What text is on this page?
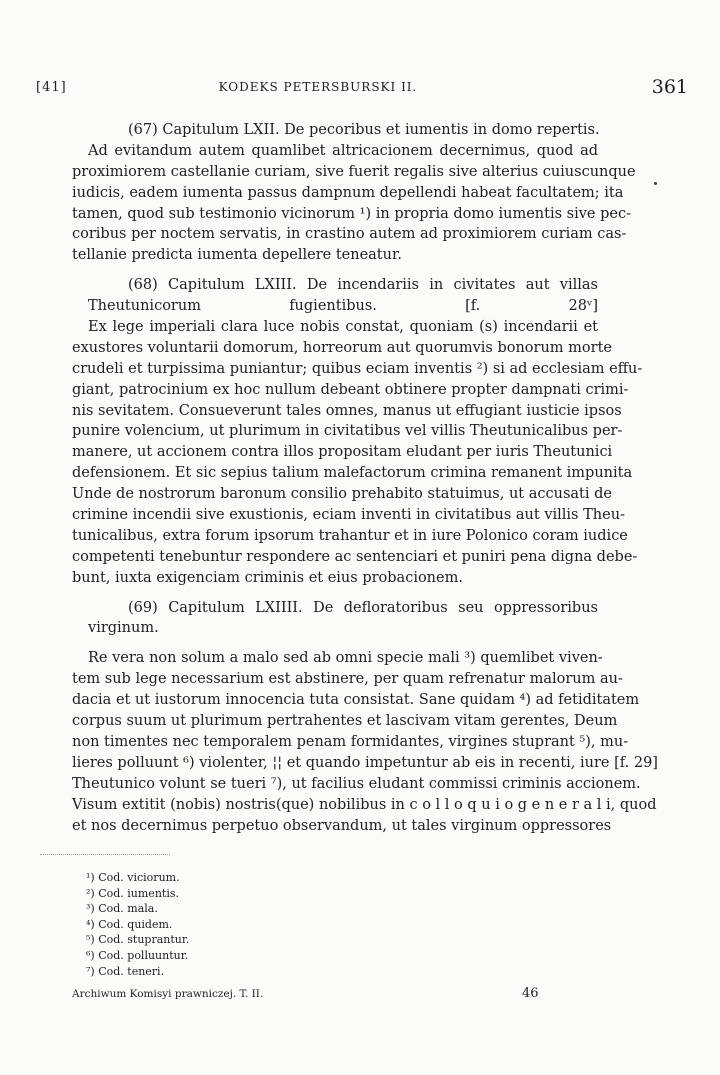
[41]	KODEKS PETERSBURSKI II.	361
(67) Capitulum LXII. De pecoribus et iumentis in domo repertis.
Ad evitandum autem quamlibet altricacionem decernimus, quod ad
proximiorem castellanie curiam, sive fuerit regalis sive alterius cuiuscunque
iudicis, eadem iumenta passus dampnum depellendi habeat facultatem; ita
tamen, quod sub testimonio vicinorum ¹) in propria domo iumentis sive pec-
coribus per noctem servatis, in crastino autem ad proximiorem curiam cas-
tellanie predicta iumenta depellere teneatur.
(68) Capitulum LXIII. De incendariis in civitates aut villas
Theutunicorum fugientibus. [f. 28ᵛ]
Ex lege imperiali clara luce nobis constat, quoniam (s) incendarii et
exustores voluntarii domorum, horreorum aut quorumvis bonorum morte
crudeli et turpissima puniantur; quibus eciam inventis ²) si ad ecclesiam effu-
giant, patrocinium ex hoc nullum debeant obtinere propter dampnati crimi-
nis sevitatem. Consueverunt tales omnes, manus ut effugiant iusticie ipsos
punire volencium, ut plurimum in civitatibus vel villis Theutunicalibus per-
manere, ut accionem contra illos propositam eludant per iuris Theutunici
defensionem. Et sic sepius talium malefactorum crimina remanent impunita
Unde de nostrorum baronum consilio prehabito statuimus, ut accusati de
crimine incendii sive exustionis, eciam inventi in civitatibus aut villis Theu-
tunicalibus, extra forum ipsorum trahantur et in iure Polonico coram iudice
competenti tenebuntur respondere ac sentenciari et puniri pena digna debe-
bunt, iuxta exigenciam criminis et eius probacionem.
(69) Capitulum LXIIII. De defloratoribus seu oppressoribus
virginum.
Re vera non solum a malo sed ab omni specie mali ³) quemlibet viven-
tem sub lege necessarium est abstinere, per quam refrenatur malorum au-
dacia et ut iustorum innocencia tuta consistat. Sane quidam ⁴) ad fetiditatem
corpus suum ut plurimum pertrahentes et lascivam vitam gerentes, Deum
non timentes nec temporalem penam formidantes, virgines stuprant ⁵), mu-
lieres polluunt ⁶) violenter, ¦¦ et quando impetuntur ab eis in recenti, iure [f. 29]
Theutunico volunt se tueri ⁷), ut facilius eludant commissi criminis accionem.
Visum extitit (nobis) nostris(que) nobilibus in c o l l o q u i o g e n e r a l i, quod
et nos decernimus perpetuo observandum, ut tales virginum oppressores
¹) Cod. viciorum.
²) Cod. iumentis.
³) Cod. mala.
⁴) Cod. quidem.
⁵) Cod. stuprantur.
⁶) Cod. polluuntur.
⁷) Cod. teneri.
Archiwum Komisyi prawniczej. T. II.	46
